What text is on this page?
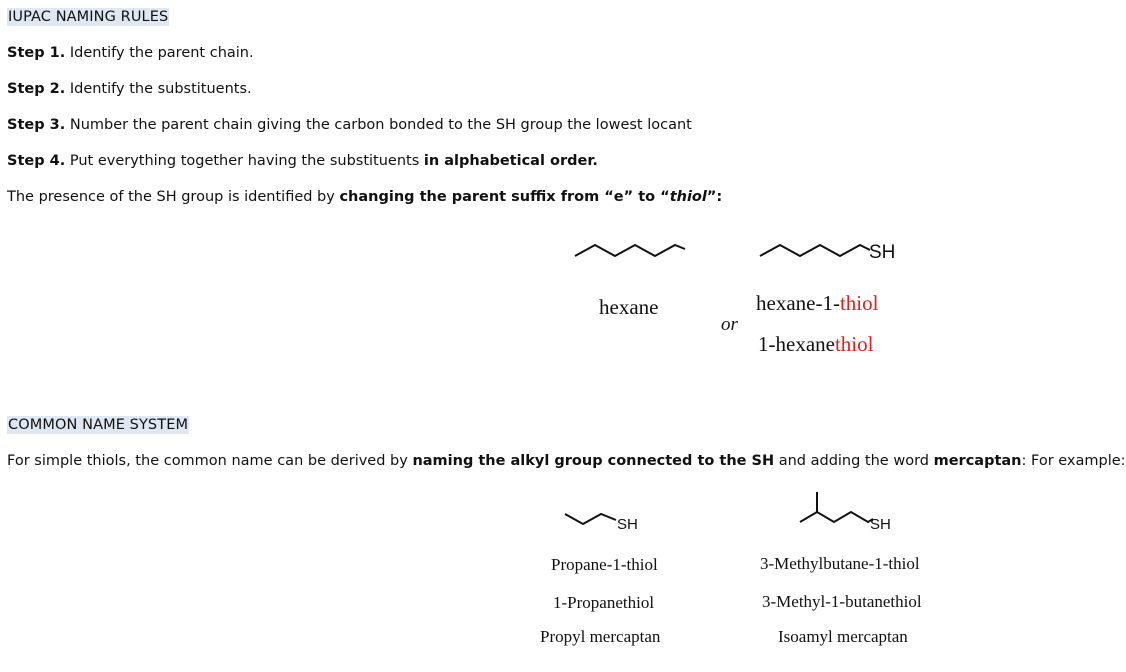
IUPAC NAMING RULES
Step 1. Identify the parent chain.
Step 2. Identify the substituents.
Step 3. Number the parent chain giving the carbon bonded to the SH group the lowest locant
Step 4. Put everything together having the substituents in alphabetical order.
The presence of the SH group is identified by changing the parent suffix from “e” to “thiol”:
SH
hexane
or
hexane-1-thiol
1-hexanethiol
COMMON NAME SYSTEM
For simple thiols, the common name can be derived by naming the alkyl group connected to the SH and adding the word mercaptan: For example:
SH	SH
Propane-1-thiol
1-Propanethiol
Propyl mercaptan
3-Methylbutane-1-thiol
3-Methyl-1-butanethiol
Isoamyl mercaptan
